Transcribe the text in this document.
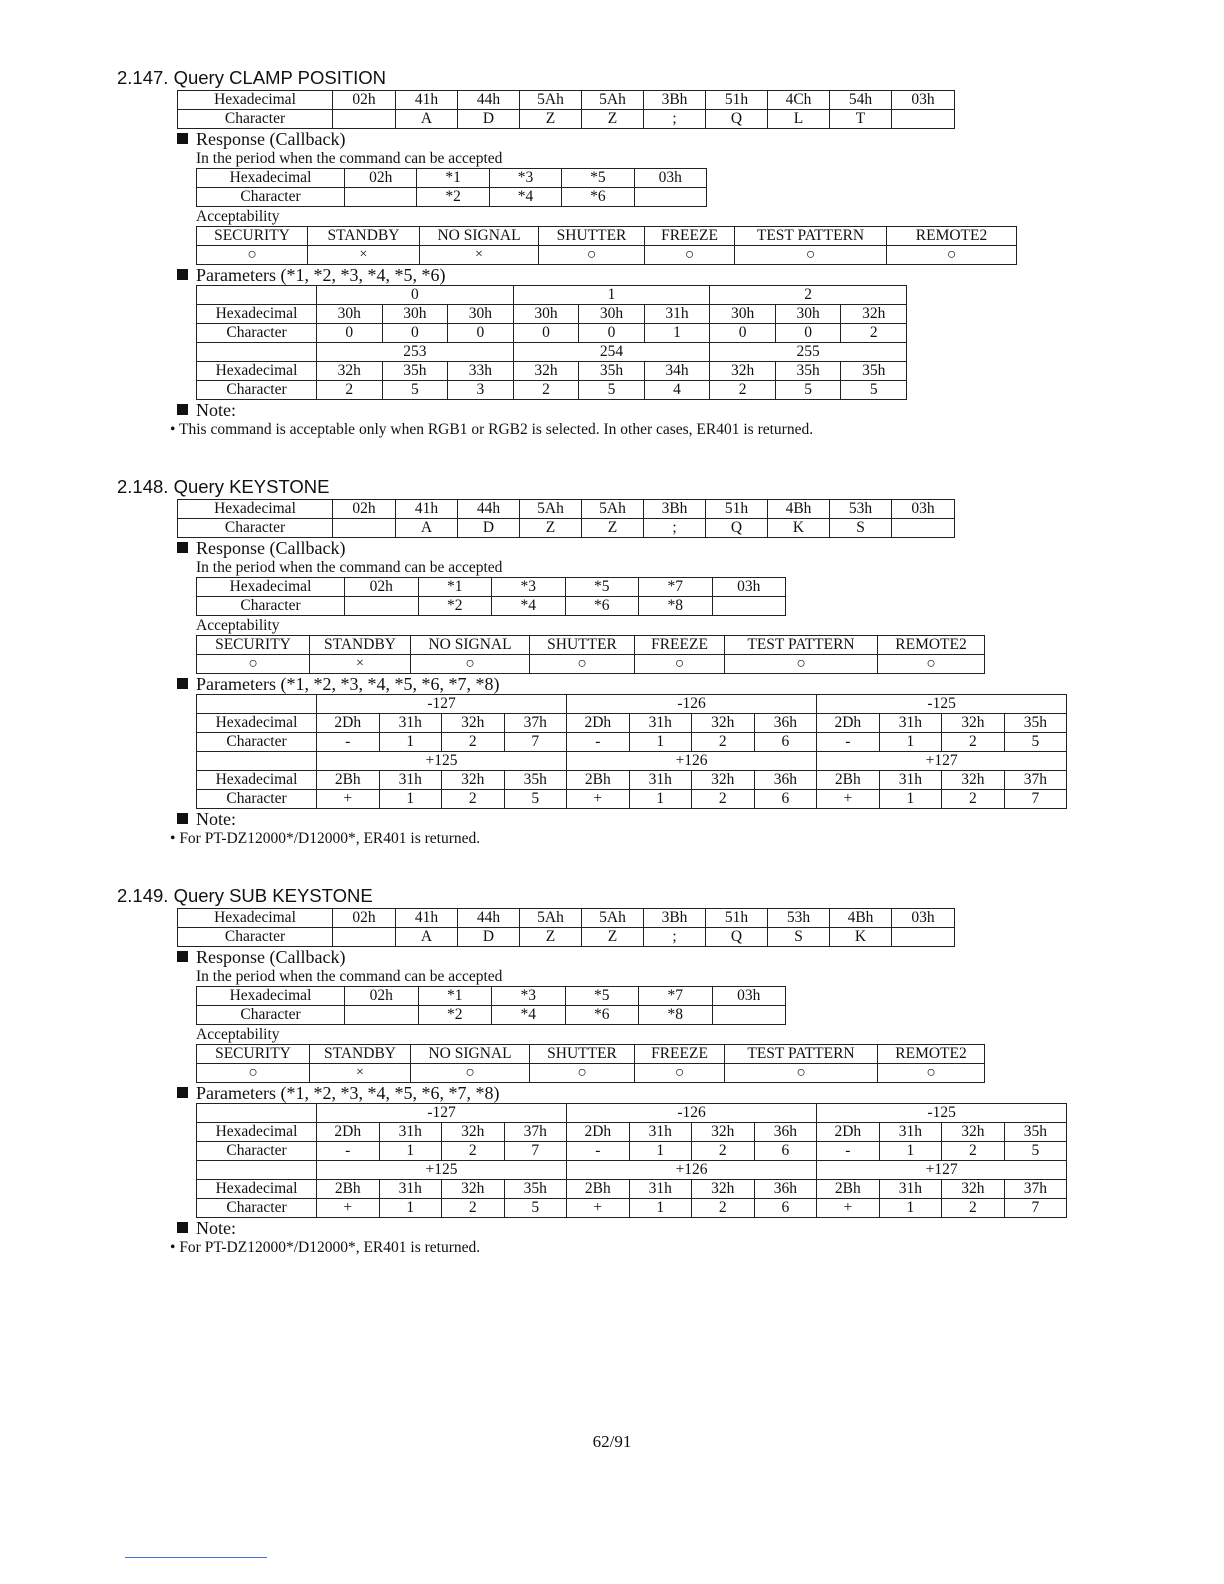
2.147. Query CLAMP POSITION
Hexadecimal	02h	41h	44h	5Ah	5Ah	3Bh	51h	4Ch	54h	03h
Character		A	D	Z	Z	;	Q	L	T	
Response (Callback)
In the period when the command can be accepted
Hexadecimal	02h	*1	*3	*5	03h
Character		*2	*4	*6	
Acceptability
SECURITY	STANDBY	NO SIGNAL	SHUTTER	FREEZE	TEST PATTERN	REMOTE2
○	×	×	○	○	○	○
Parameters (*1, *2, *3, *4, *5, *6)
	0			1			2		
Hexadecimal	30h	30h	30h	30h	30h	31h	30h	30h	32h
Character	0	0	0	0	0	1	0	0	2
	253			254			255		
Hexadecimal	32h	35h	33h	32h	35h	34h	32h	35h	35h
Character	2	5	3	2	5	4	2	5	5
Note:
• This command is acceptable only when RGB1 or RGB2 is selected. In other cases, ER401 is returned.
2.148. Query KEYSTONE
Hexadecimal	02h	41h	44h	5Ah	5Ah	3Bh	51h	4Bh	53h	03h
Character		A	D	Z	Z	;	Q	K	S	
Response (Callback)
In the period when the command can be accepted
Hexadecimal	02h	*1	*3	*5	*7	03h
Character		*2	*4	*6	*8	
Acceptability
SECURITY	STANDBY	NO SIGNAL	SHUTTER	FREEZE	TEST PATTERN	REMOTE2
○	×	○	○	○	○	○
Parameters (*1, *2, *3, *4, *5, *6, *7, *8)
	-127				-126				-125			
Hexadecimal	2Dh	31h	32h	37h	2Dh	31h	32h	36h	2Dh	31h	32h	35h
Character	-	1	2	7	-	1	2	6	-	1	2	5
	+125				+126				+127			
Hexadecimal	2Bh	31h	32h	35h	2Bh	31h	32h	36h	2Bh	31h	32h	37h
Character	+	1	2	5	+	1	2	6	+	1	2	7
Note:
• For PT-DZ12000*/D12000*, ER401 is returned.
2.149. Query SUB KEYSTONE
Hexadecimal	02h	41h	44h	5Ah	5Ah	3Bh	51h	53h	4Bh	03h
Character		A	D	Z	Z	;	Q	S	K	
Response (Callback)
In the period when the command can be accepted
Hexadecimal	02h	*1	*3	*5	*7	03h
Character		*2	*4	*6	*8	
Acceptability
SECURITY	STANDBY	NO SIGNAL	SHUTTER	FREEZE	TEST PATTERN	REMOTE2
○	×	○	○	○	○	○
Parameters (*1, *2, *3, *4, *5, *6, *7, *8)
	-127				-126				-125			
Hexadecimal	2Dh	31h	32h	37h	2Dh	31h	32h	36h	2Dh	31h	32h	35h
Character	-	1	2	7	-	1	2	6	-	1	2	5
	+125				+126				+127			
Hexadecimal	2Bh	31h	32h	35h	2Bh	31h	32h	36h	2Bh	31h	32h	37h
Character	+	1	2	5	+	1	2	6	+	1	2	7
Note:
• For PT-DZ12000*/D12000*, ER401 is returned.
62/91
